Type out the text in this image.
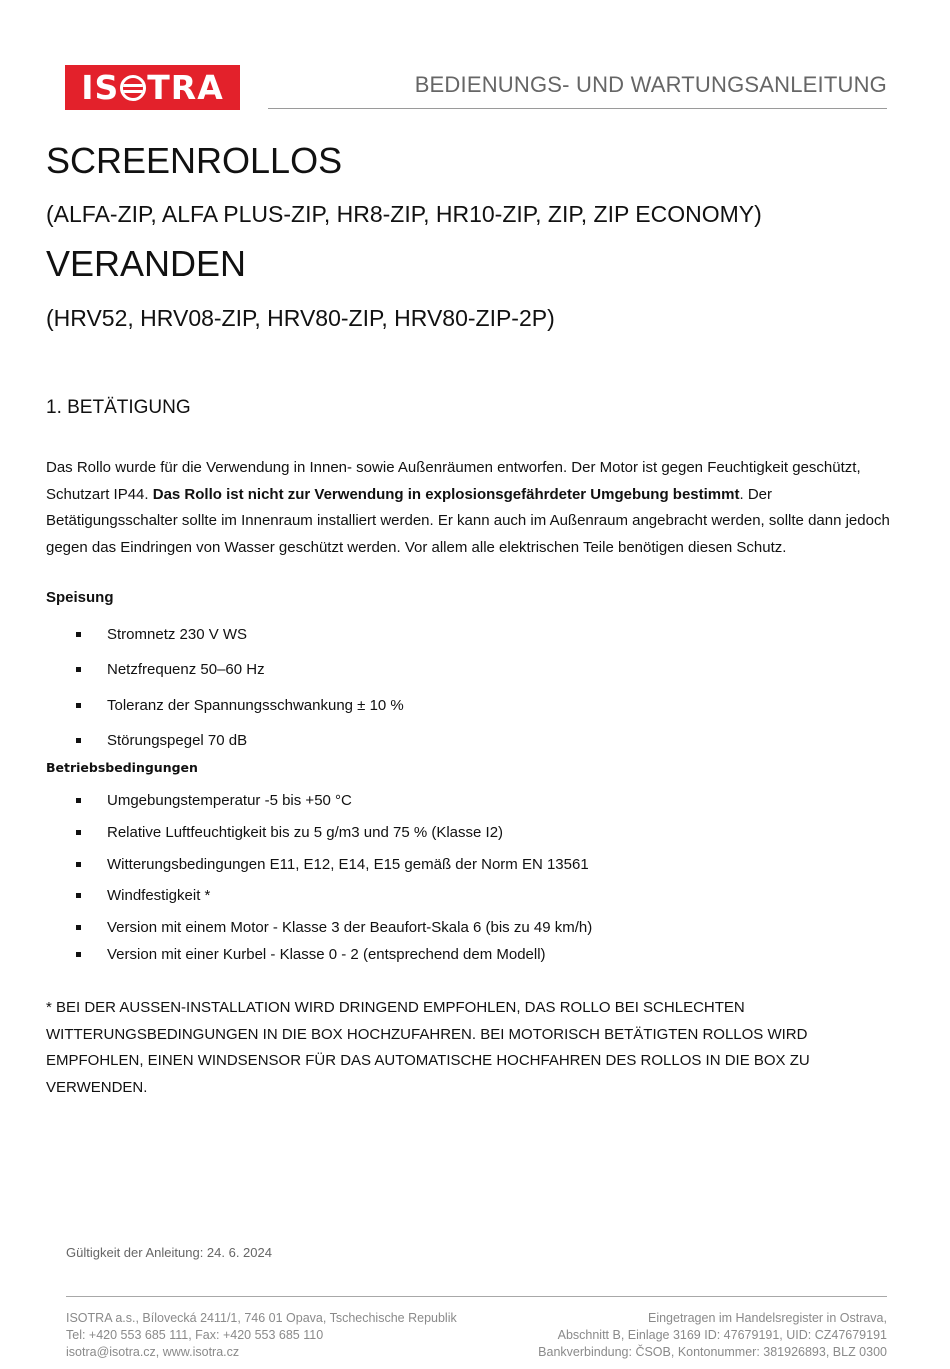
IS TRA	BEDIENUNGS- UND WARTUNGSANLEITUNG
SCREENROLLOS
(ALFA-ZIP, ALFA PLUS-ZIP, HR8-ZIP, HR10-ZIP, ZIP, ZIP ECONOMY)
VERANDEN
(HRV52, HRV08-ZIP, HRV80-ZIP, HRV80-ZIP-2P)
1. BETÄTIGUNG
Das Rollo wurde für die Verwendung in Innen- sowie Außenräumen entworfen. Der Motor ist gegen Feuchtigkeit geschützt, Schutzart IP44. Das Rollo ist nicht zur Verwendung in explosionsgefährdeter Umgebung bestimmt. Der Betätigungsschalter sollte im Innenraum installiert werden. Er kann auch im Außenraum angebracht werden, sollte dann jedoch gegen das Eindringen von Wasser geschützt werden. Vor allem alle elektrischen Teile benötigen diesen Schutz.
Speisung
Stromnetz 230 V WS
Netzfrequenz 50–60 Hz
Toleranz der Spannungsschwankung ± 10 %
Störungspegel 70 dB
Betriebsbedingungen
Umgebungstemperatur -5 bis +50 °C
Relative Luftfeuchtigkeit bis zu 5 g/m3 und 75 % (Klasse I2)
Witterungsbedingungen E11, E12, E14, E15 gemäß der Norm EN 13561
Windfestigkeit *
Version mit einem Motor - Klasse 3 der Beaufort-Skala 6 (bis zu 49 km/h)
Version mit einer Kurbel - Klasse 0 - 2 (entsprechend dem Modell)
* BEI DER AUSSEN-INSTALLATION WIRD DRINGEND EMPFOHLEN, DAS ROLLO BEI SCHLECHTEN WITTERUNGSBEDINGUNGEN IN DIE BOX HOCHZUFAHREN. BEI MOTORISCH BETÄTIGTEN ROLLOS WIRD EMPFOHLEN, EINEN WINDSENSOR FÜR DAS AUTOMATISCHE HOCHFAHREN DES ROLLOS IN DIE BOX ZU VERWENDEN.
Gültigkeit der Anleitung: 24. 6. 2024
ISOTRA a.s., Bílovecká 2411/1, 746 01 Opava, Tschechische Republik
Tel: +420 553 685 111, Fax: +420 553 685 110
isotra@isotra.cz, www.isotra.cz
Eingetragen im Handelsregister in Ostrava,
Abschnitt B, Einlage 3169 ID: 47679191, UID: CZ47679191
Bankverbindung: ČSOB, Kontonummer: 381926893, BLZ 0300
